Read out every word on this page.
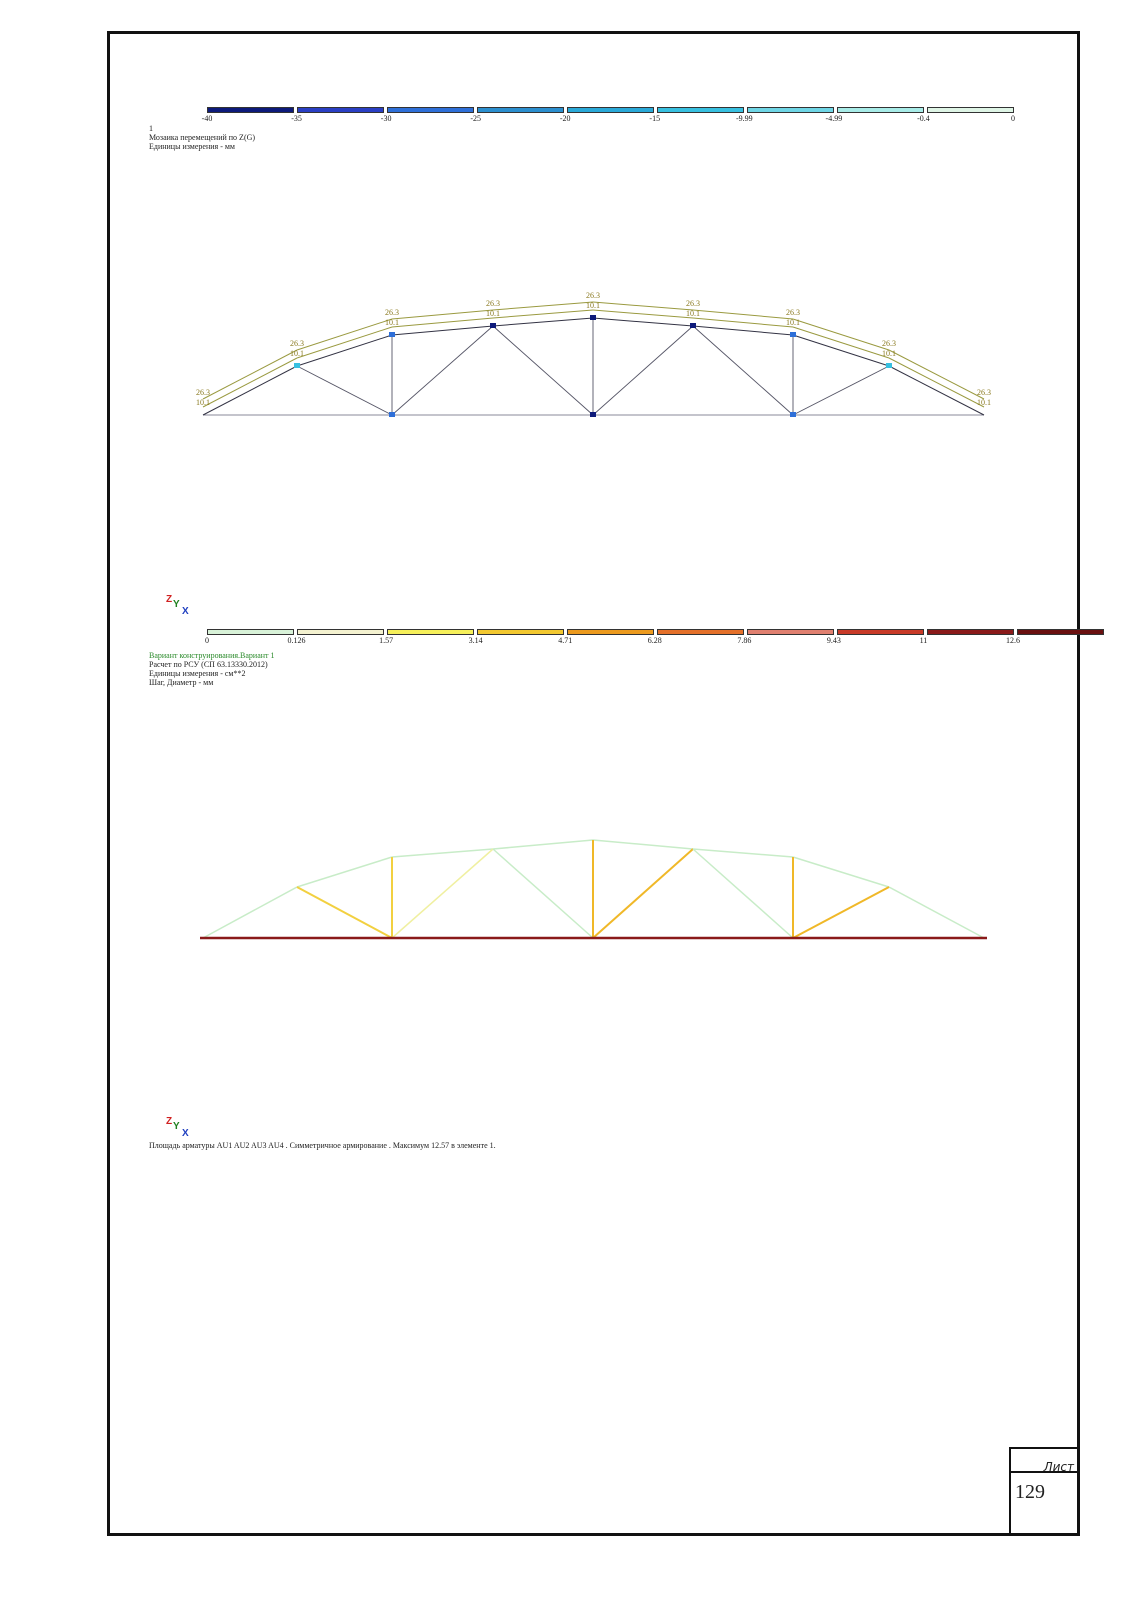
-40	-35	-30	-25	-20	-15	-9.99	-4.99	-0.4	0
1
Мозаика перемещений по Z(G)
Единицы измерения - мм
Z Y
X
0	0.126	1.57	3.14	4.71	6.28	7.86	9.43	11	12.6
Вариант конструирования.Вариант 1
Расчет по РСУ (СП 63.13330.2012)
Единицы измерения - см**2
Шаг, Диаметр - мм
Z Y
X
Площадь арматуры AU1 AU2 AU3 AU4 . Симметричное армирование . Максимум 12.57 в элементе 1.
26.3
10.1
26.3
10.1
26.3
10.1
26.3
10.1
26.3
10.1	26.3
10.1	26.3
10.1
26.3
10.1
26.3
10.1
Лист
129
